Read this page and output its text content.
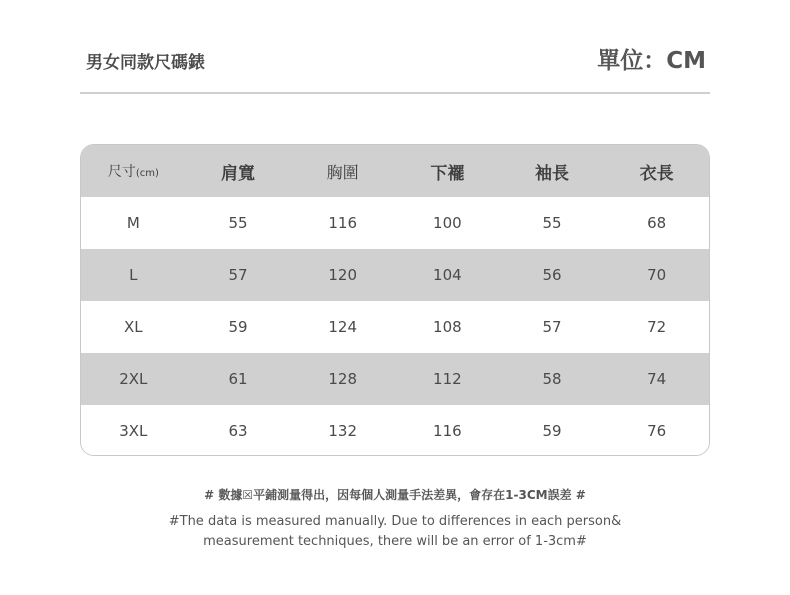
男女同款尺碼錶	單位：CM
尺寸(cm)	肩寬	胸圍	下襬	袖長	衣長
M	55	116	100	55	68
L	57	120	104	56	70
XL	59	124	108	57	72
2XL	61	128	112	58	74
3XL	63	132	116	59	76
# 數據☒平鋪測量得出，因每個人測量手法差異，會存在1-3CM誤差 #
#The data is measured manually. Due to differences in each person&
measurement techniques, there will be an error of 1-3cm#
